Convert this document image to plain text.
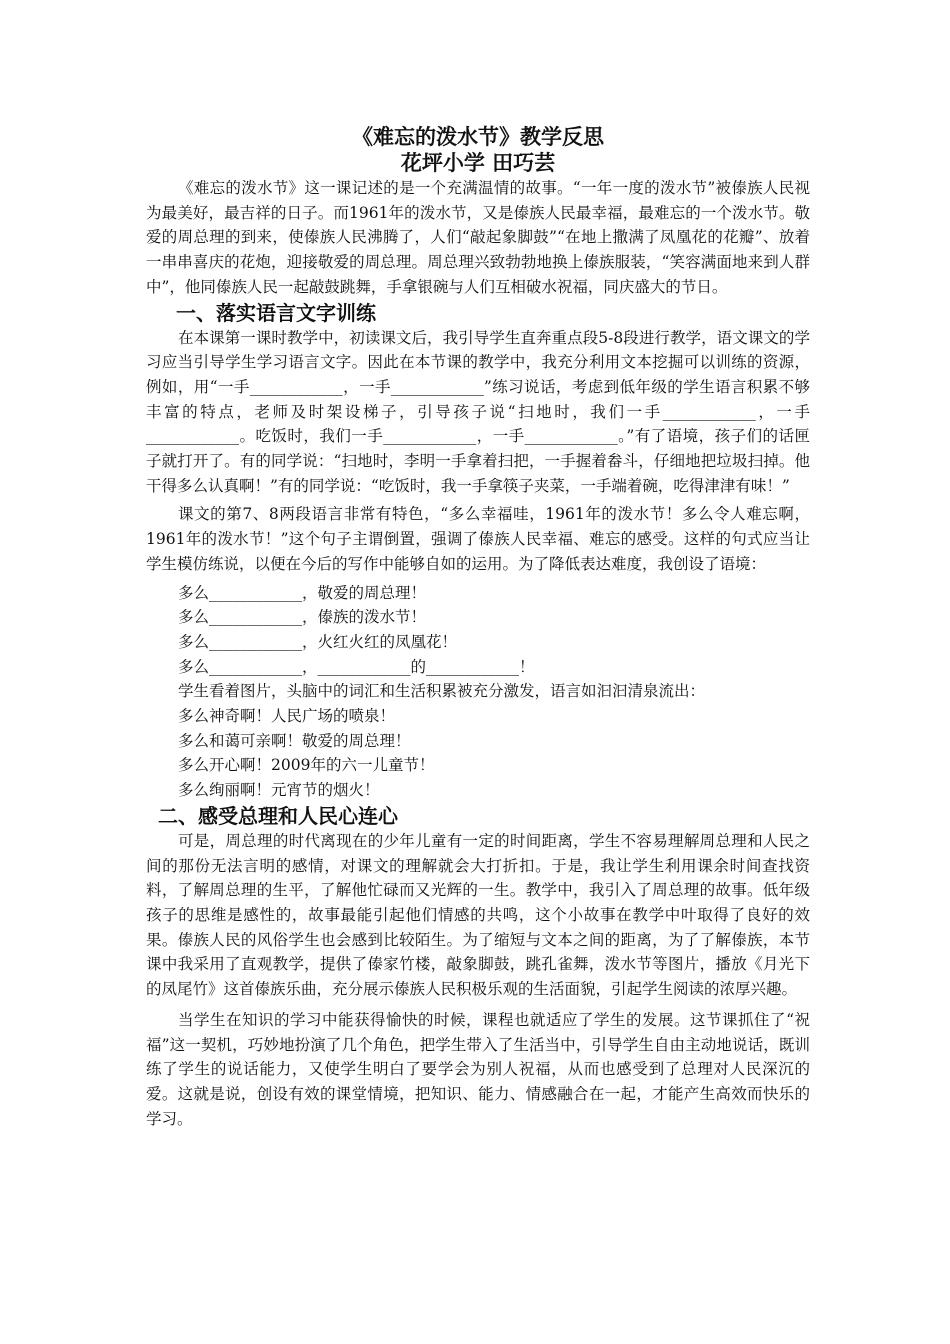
《难忘的泼水节》教学反思
花坪小学 田巧芸

《难忘的泼水节》这一课记述的是一个充满温情的故事。“一年一度的泼水节”被傣族人民视为最美好，最吉祥的日子。而1961年的泼水节，又是傣族人民最幸福，最难忘的一个泼水节。敬爱的周总理的到来，使傣族人民沸腾了，人们“敲起象脚鼓”“在地上撒满了凤凰花的花瓣”、放着一串串喜庆的花炮，迎接敬爱的周总理。周总理兴致勃勃地换上傣族服装，“笑容满面地来到人群中”，他同傣族人民一起敲鼓跳舞，手拿银碗与人们互相破水祝福，同庆盛大的节日。

一、落实语言文字训练

在本课第一课时教学中，初读课文后，我引导学生直奔重点段5-8段进行教学，语文课文的学习应当引导学生学习语言文字。因此在本节课的教学中，我充分利用文本挖掘可以训练的资源，例如，用“一手____________，一手____________”练习说话，考虑到低年级的学生语言积累不够丰富的特点，老师及时架设梯子，引导孩子说“扫地时，我们一手____________，一手____________。吃饭时，我们一手____________，一手____________。”有了语境，孩子们的话匣子就打开了。有的同学说：“扫地时，李明一手拿着扫把，一手握着畚斗，仔细地把垃圾扫掉。他干得多么认真啊！”有的同学说：“吃饭时，我一手拿筷子夹菜，一手端着碗，吃得津津有味！”

课文的第7、8两段语言非常有特色，“多么幸福哇，1961年的泼水节！多么令人难忘啊，1961年的泼水节！”这个句子主谓倒置，强调了傣族人民幸福、难忘的感受。这样的句式应当让学生模仿练说，以便在今后的写作中能够自如的运用。为了降低表达难度，我创设了语境：

多么____________，敬爱的周总理！

多么____________，傣族的泼水节！

多么____________，火红火红的凤凰花！

多么____________，____________的____________！

学生看着图片，头脑中的词汇和生活积累被充分激发，语言如汩汩清泉流出：

多么神奇啊！人民广场的喷泉！

多么和蔼可亲啊！敬爱的周总理！

多么开心啊！2009年的六一儿童节！

多么绚丽啊！元宵节的烟火！

二、感受总理和人民心连心

可是，周总理的时代离现在的少年儿童有一定的时间距离，学生不容易理解周总理和人民之间的那份无法言明的感情，对课文的理解就会大打折扣。于是，我让学生利用课余时间查找资料，了解周总理的生平，了解他忙碌而又光辉的一生。教学中，我引入了周总理的故事。低年级孩子的思维是感性的，故事最能引起他们情感的共鸣，这个小故事在教学中叶取得了良好的效果。傣族人民的风俗学生也会感到比较陌生。为了缩短与文本之间的距离，为了了解傣族，本节课中我采用了直观教学，提供了傣家竹楼，敲象脚鼓，跳孔雀舞，泼水节等图片，播放《月光下的凤尾竹》这首傣族乐曲，充分展示傣族人民积极乐观的生活面貌，引起学生阅读的浓厚兴趣。

当学生在知识的学习中能获得愉快的时候，课程也就适应了学生的发展。这节课抓住了“祝福”这一契机，巧妙地扮演了几个角色，把学生带入了生活当中，引导学生自由主动地说话，既训练了学生的说话能力，又使学生明白了要学会为别人祝福，从而也感受到了总理对人民深沉的爱。这就是说，创设有效的课堂情境，把知识、能力、情感融合在一起，才能产生高效而快乐的学习。
